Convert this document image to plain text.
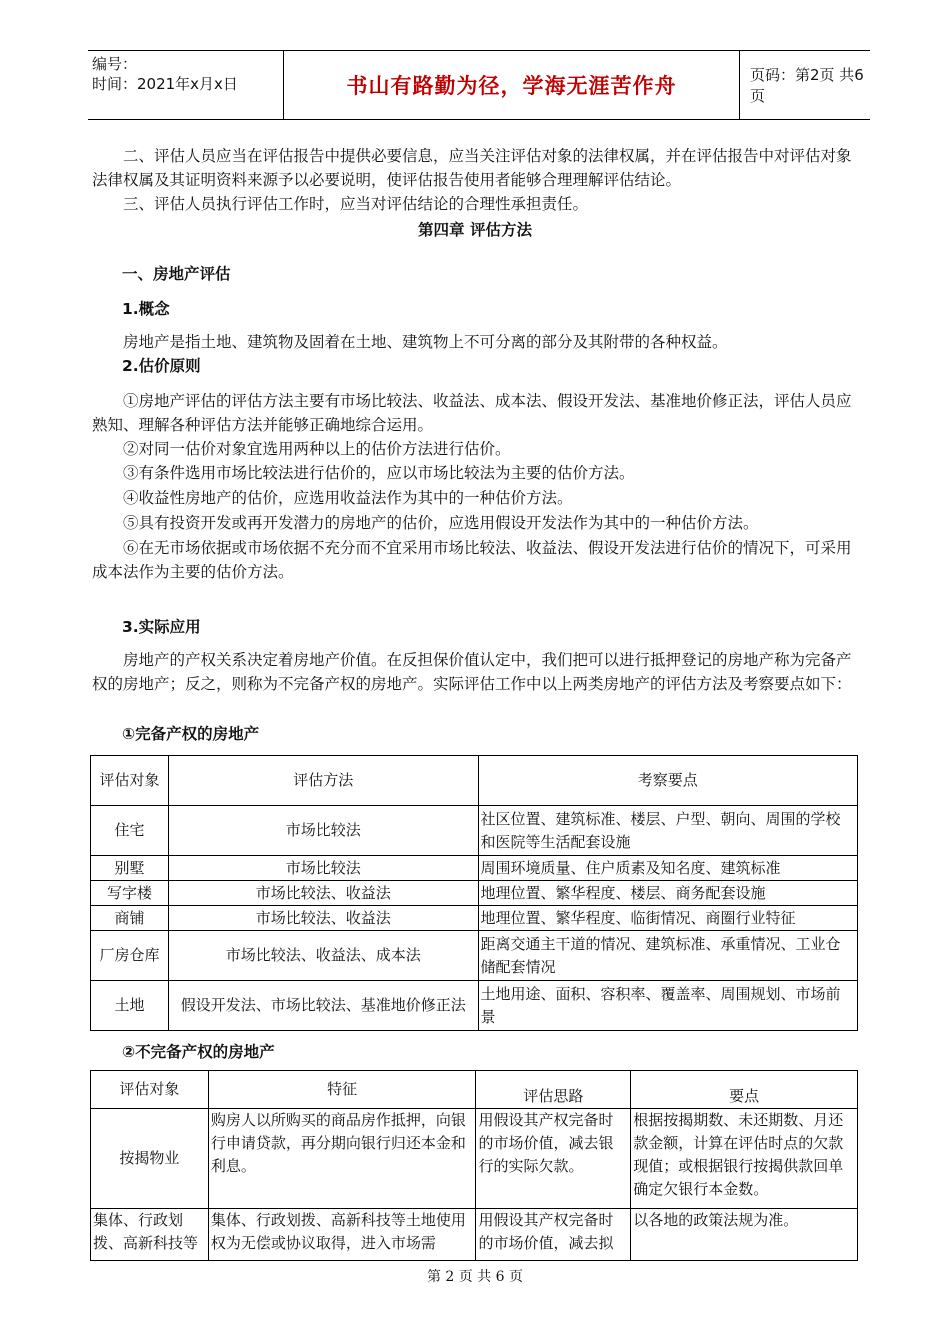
编号：
时间：2021年x月x日	书山有路勤为径，学海无涯苦作舟	页码：第2页 共6页

二、评估人员应当在评估报告中提供必要信息，应当关注评估对象的法律权属，并在评估报告中对评估对象法律权属及其证明资料来源予以必要说明，使评估报告使用者能够合理理解评估结论。

三、评估人员执行评估工作时，应当对评估结论的合理性承担责任。

第四章 评估方法
一、房地产评估
1.概念

房地产是指土地、建筑物及固着在土地、建筑物上不可分离的部分及其附带的各种权益。

2.估价原则

①房地产评估的评估方法主要有市场比较法、收益法、成本法、假设开发法、基准地价修正法，评估人员应熟知、理解各种评估方法并能够正确地综合运用。

②对同一估价对象宜选用两种以上的估价方法进行估价。

③有条件选用市场比较法进行估价的，应以市场比较法为主要的估价方法。

④收益性房地产的估价，应选用收益法作为其中的一种估价方法。

⑤具有投资开发或再开发潜力的房地产的估价，应选用假设开发法作为其中的一种估价方法。

⑥在无市场依据或市场依据不充分而不宜采用市场比较法、收益法、假设开发法进行估价的情况下，可采用成本法作为主要的估价方法。

3.实际应用

房地产的产权关系决定着房地产价值。在反担保价值认定中，我们把可以进行抵押登记的房地产称为完备产权的房地产；反之，则称为不完备产权的房地产。实际评估工作中以上两类房地产的评估方法及考察要点如下：

①完备产权的房地产
评估对象	评估方法	考察要点
住宅	市场比较法	社区位置、建筑标准、楼层、户型、朝向、周围的学校和医院等生活配套设施
别墅	市场比较法	周围环境质量、住户质素及知名度、建筑标准
写字楼	市场比较法、收益法	地理位置、繁华程度、楼层、商务配套设施
商铺	市场比较法、收益法	地理位置、繁华程度、临街情况、商圈行业特征
厂房仓库	市场比较法、收益法、成本法	距离交通主干道的情况、建筑标准、承重情况、工业仓储配套情况
土地	假设开发法、市场比较法、基准地价修正法	土地用途、面积、容积率、覆盖率、周围规划、市场前景
②不完备产权的房地产
评估对象	特征	评估思路	要点
按揭物业	购房人以所购买的商品房作抵押，向银行申请贷款，再分期向银行归还本金和利息。	用假设其产权完备时的市场价值，减去银行的实际欠款。	根据按揭期数、未还期数、月还款金额，计算在评估时点的欠款现值；或根据银行按揭供款回单确定欠银行本金数。
集体、行政划拨、高新科技等	集体、行政划拨、高新科技等土地使用权为无偿或协议取得，进入市场需	用假设其产权完备时的市场价值，减去拟	以各地的政策法规为准。
第 2 页 共 6 页
